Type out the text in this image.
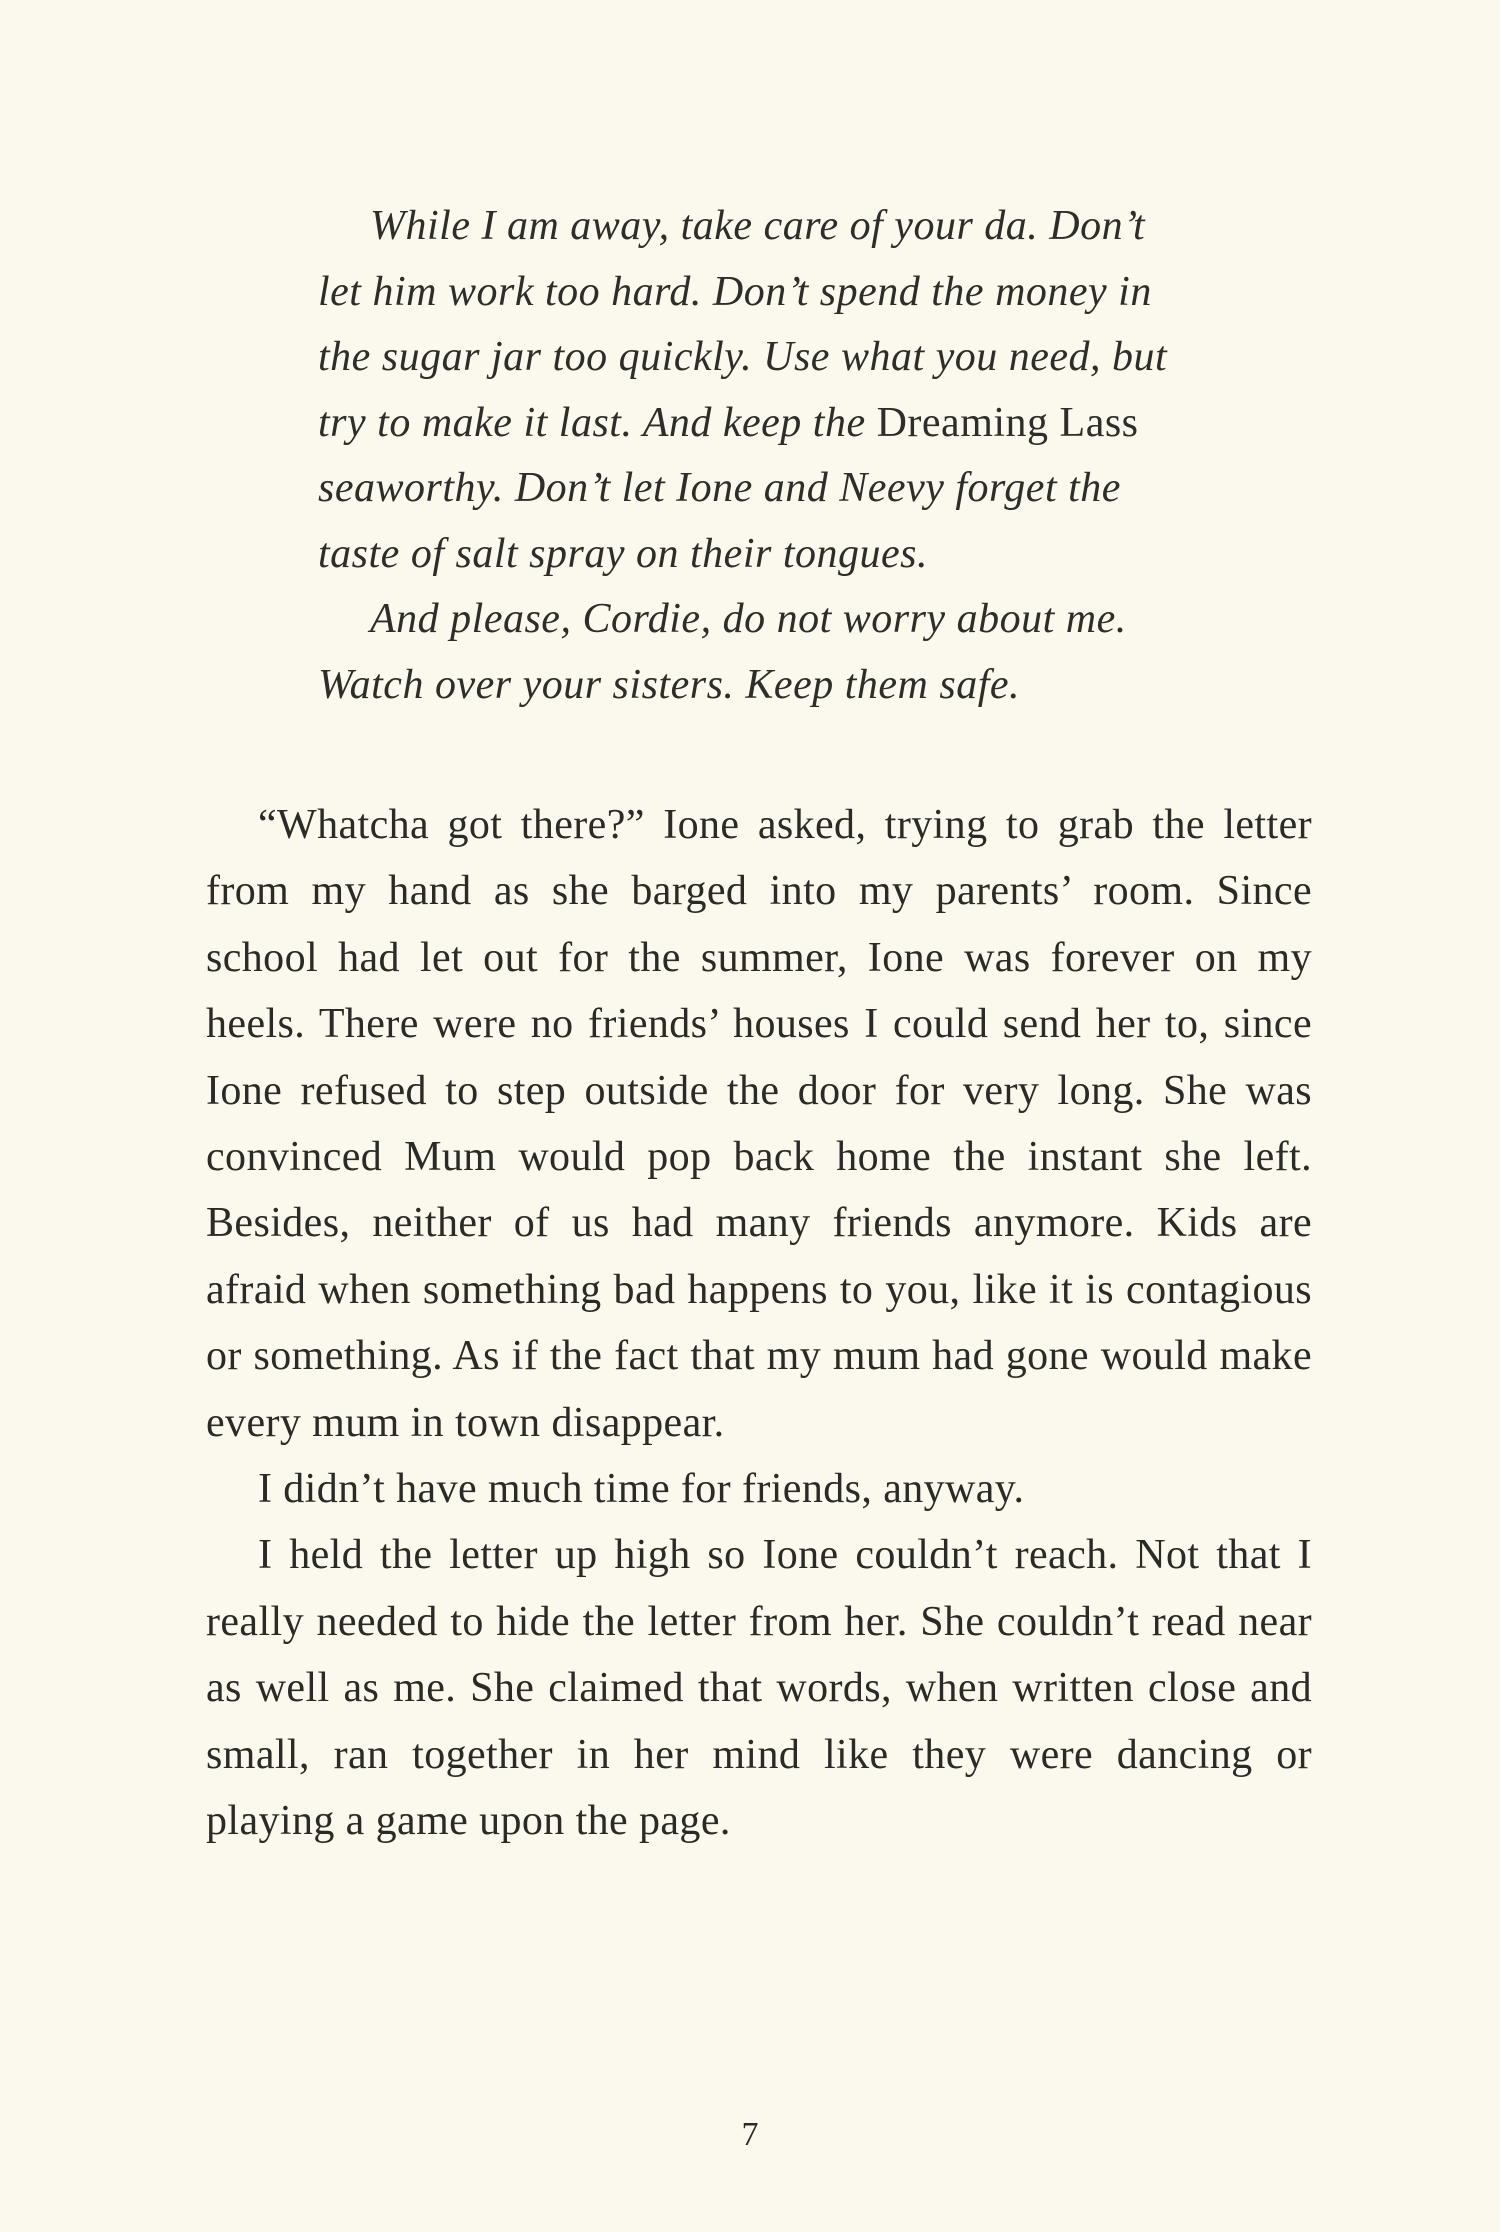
While I am away, take care of your da. Don’t let him work too hard. Don’t spend the money in the sugar jar too quickly. Use what you need, but try to make it last. And keep the Dreaming Lass seaworthy. Don’t let Ione and Neevy forget the taste of salt spray on their tongues.

And please, Cordie, do not worry about me. Watch over your sisters. Keep them safe.

“Whatcha got there?” Ione asked, trying to grab the letter from my hand as she barged into my parents’ room. Since school had let out for the summer, Ione was forever on my heels. There were no friends’ houses I could send her to, since Ione refused to step outside the door for very long. She was convinced Mum would pop back home the instant she left. Besides, neither of us had many friends anymore. Kids are afraid when something bad happens to you, like it is contagious or something. As if the fact that my mum had gone would make every mum in town disappear.

I didn’t have much time for friends, anyway.

I held the letter up high so Ione couldn’t reach. Not that I really needed to hide the letter from her. She couldn’t read near as well as me. She claimed that words, when written close and small, ran together in her mind like they were dancing or playing a game upon the page.

7
